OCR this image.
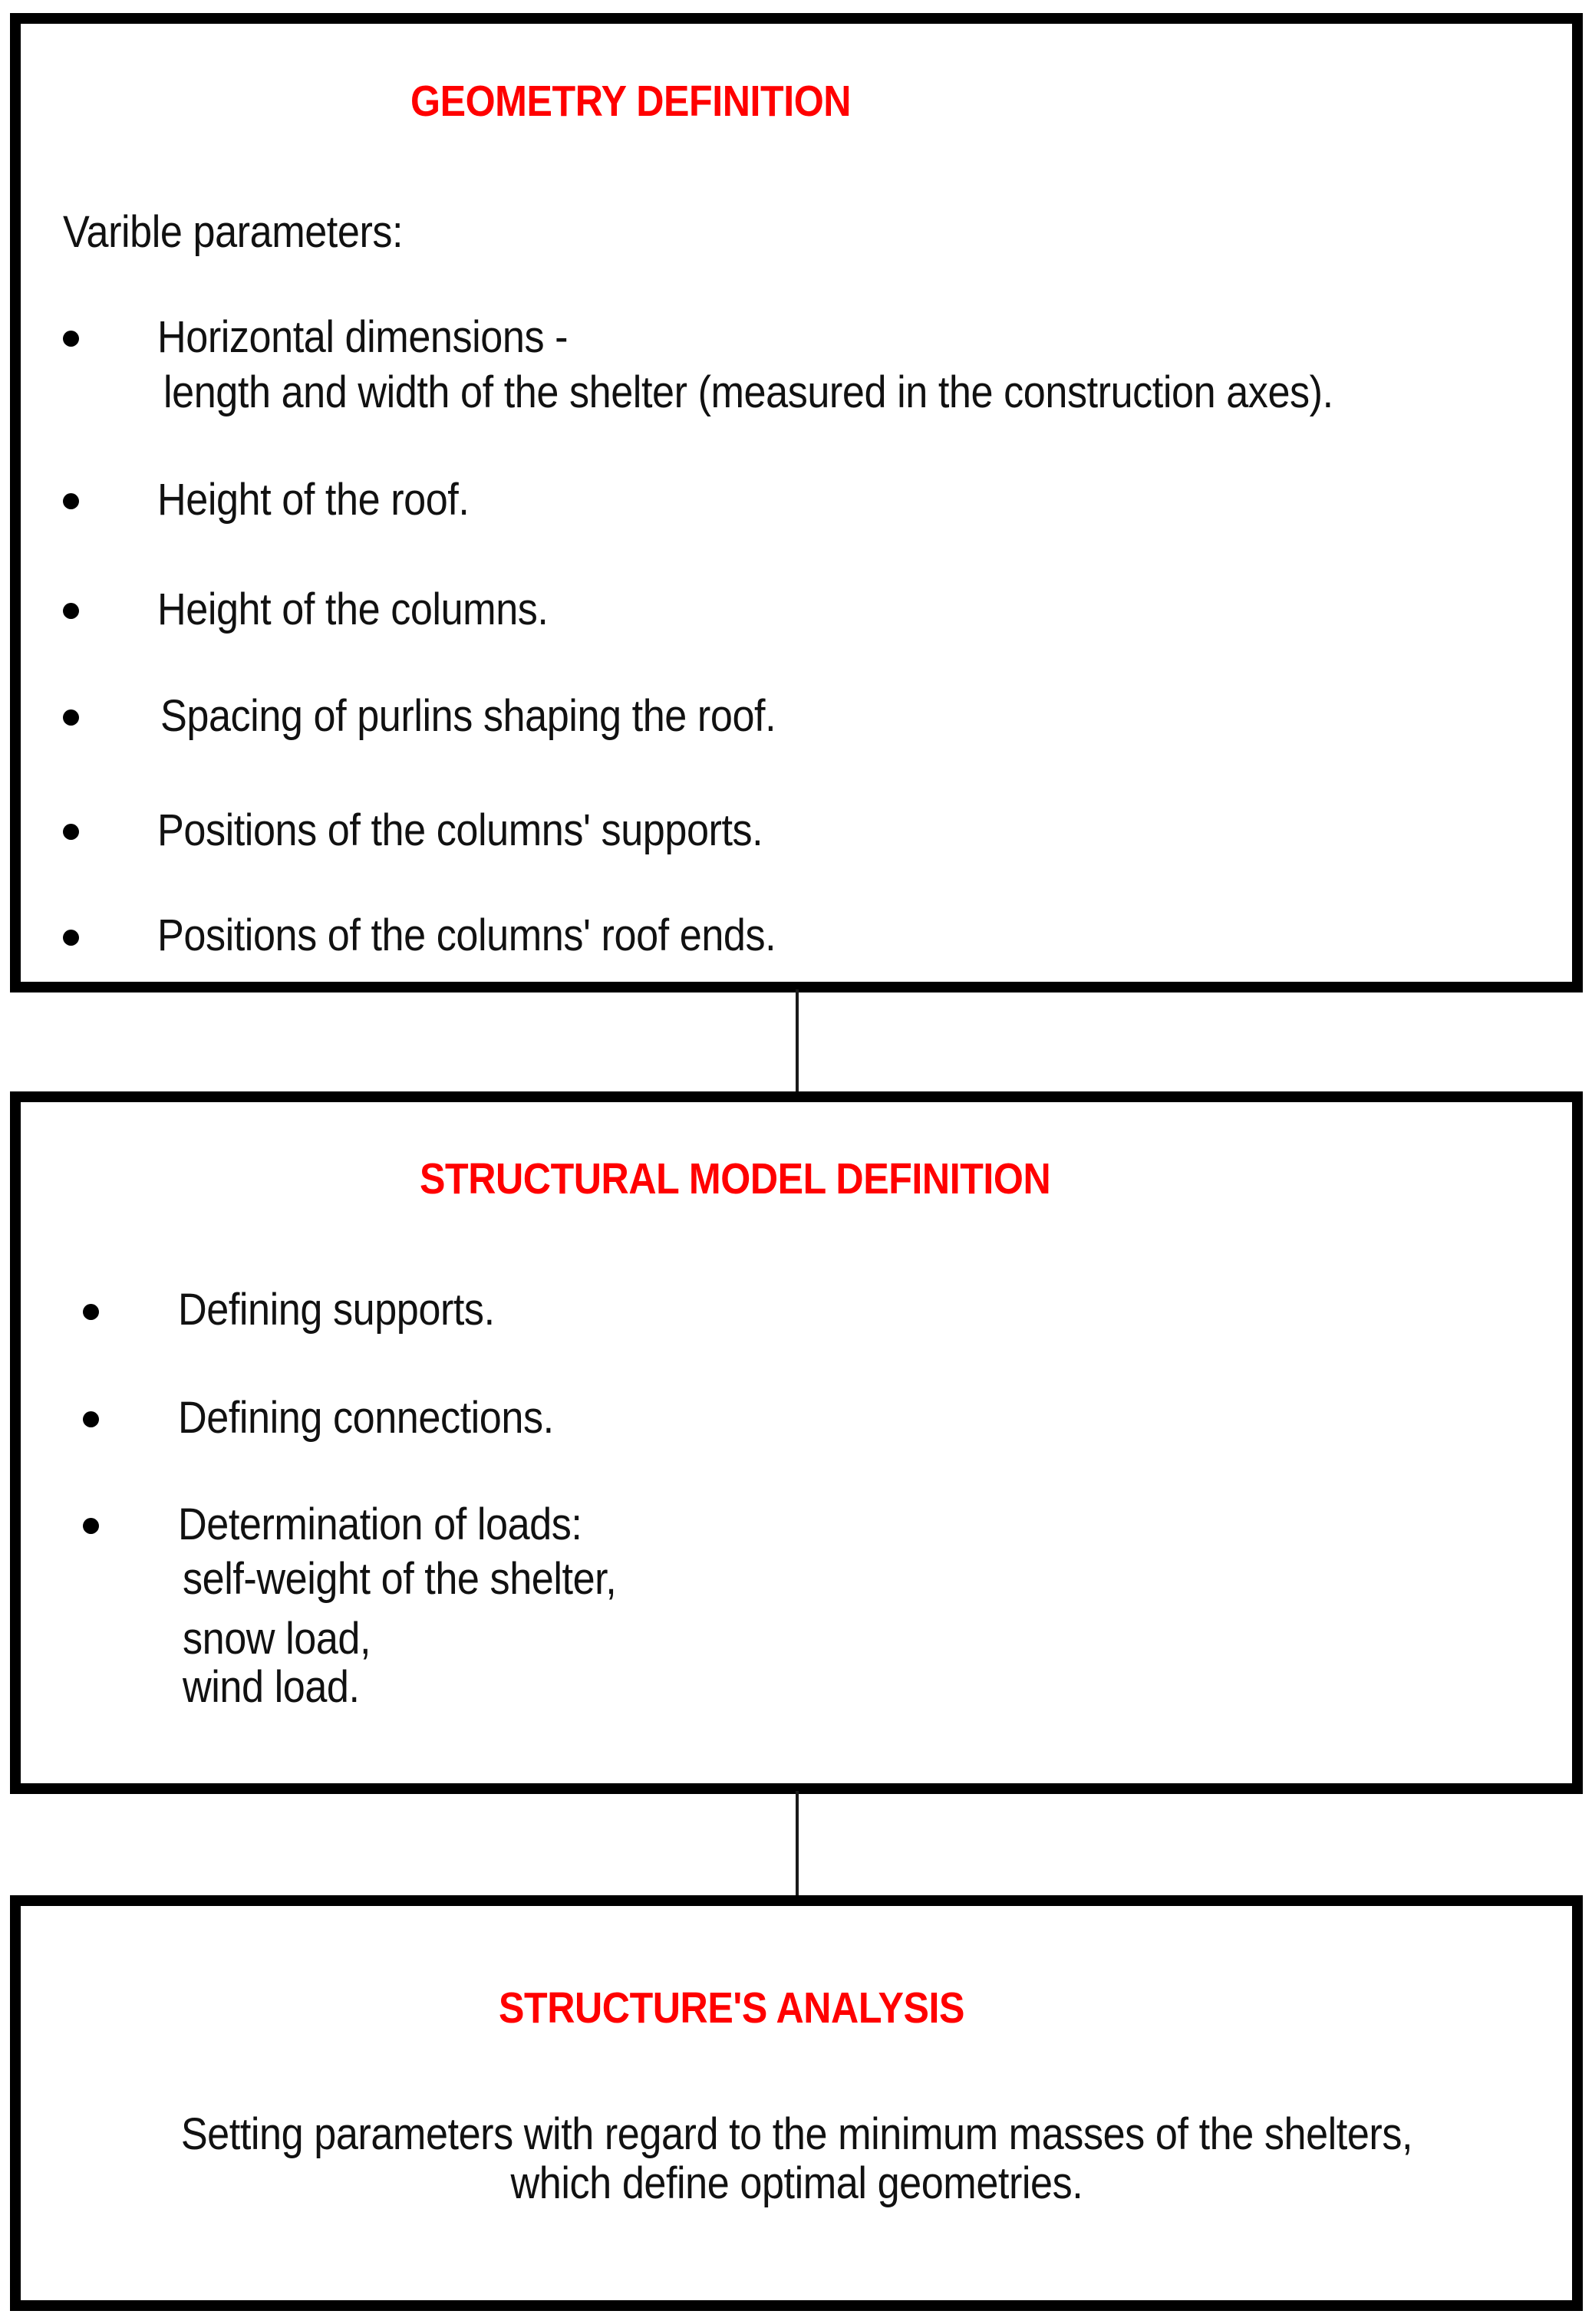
GEOMETRY DEFINITION
Varible parameters:
Horizontal dimensions -
length and width of the shelter (measured in the construction axes).
Height of the roof.
Height of the columns.
Spacing of purlins shaping the roof.
Positions of the columns' supports.
Positions of the columns' roof ends.
STRUCTURAL MODEL DEFINITION
Defining supports.
Defining connections.
Determination of loads:
self-weight of the shelter,
snow load,
wind load.
STRUCTURE'S ANALYSIS
Setting parameters with regard to the minimum masses of the shelters,
which define optimal geometries.
